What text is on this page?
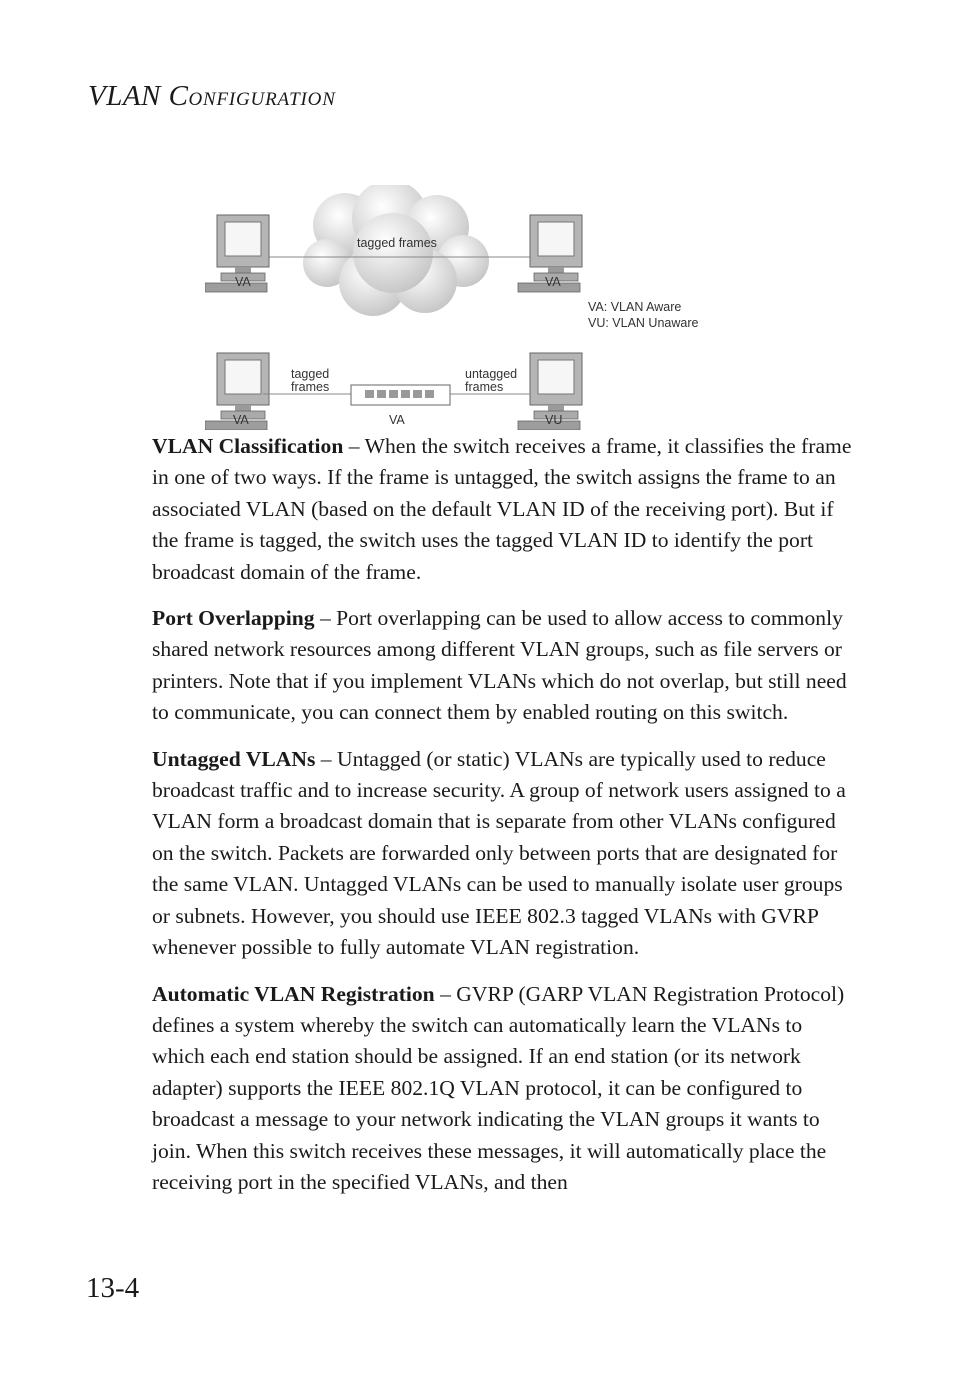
VLAN CONFIGURATION
tagged frames
VA	VA
VA: VLAN Aware
VU: VLAN Unaware
tagged
frames
untagged
frames
VA	VA	VU

VLAN Classification – When the switch receives a frame, it classifies the frame in one of two ways. If the frame is untagged, the switch assigns the frame to an associated VLAN (based on the default VLAN ID of the receiving port). But if the frame is tagged, the switch uses the tagged VLAN ID to identify the port broadcast domain of the frame.

Port Overlapping – Port overlapping can be used to allow access to commonly shared network resources among different VLAN groups, such as file servers or printers. Note that if you implement VLANs which do not overlap, but still need to communicate, you can connect them by enabled routing on this switch.

Untagged VLANs – Untagged (or static) VLANs are typically used to reduce broadcast traffic and to increase security. A group of network users assigned to a VLAN form a broadcast domain that is separate from other VLANs configured on the switch. Packets are forwarded only between ports that are designated for the same VLAN. Untagged VLANs can be used to manually isolate user groups or subnets. However, you should use IEEE 802.3 tagged VLANs with GVRP whenever possible to fully automate VLAN registration.

Automatic VLAN Registration – GVRP (GARP VLAN Registration Protocol) defines a system whereby the switch can automatically learn the VLANs to which each end station should be assigned. If an end station (or its network adapter) supports the IEEE 802.1Q VLAN protocol, it can be configured to broadcast a message to your network indicating the VLAN groups it wants to join. When this switch receives these messages, it will automatically place the receiving port in the specified VLANs, and then

13-4
